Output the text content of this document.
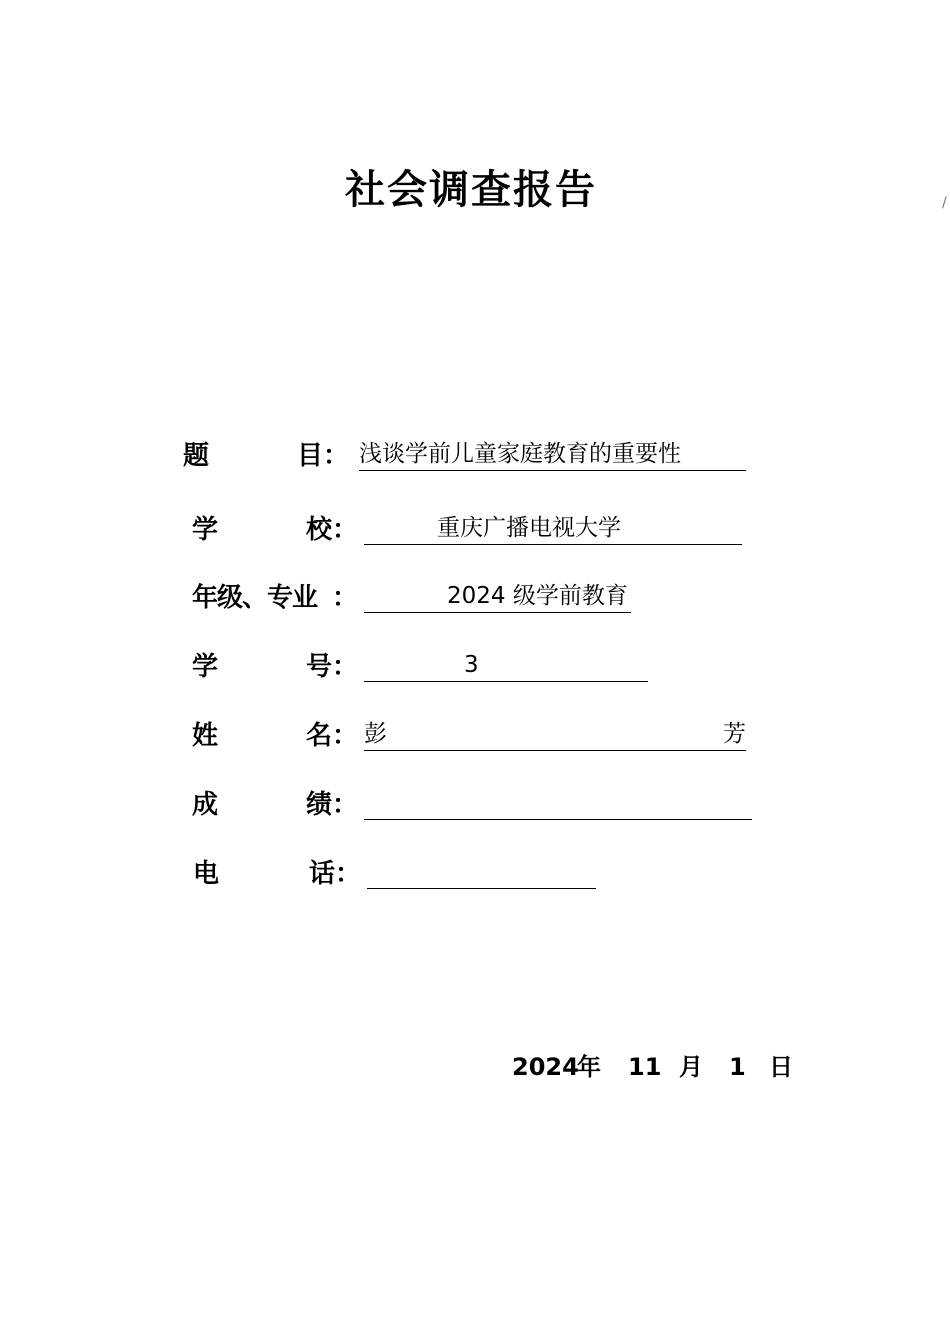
社会调查报告
题	目 ： 浅谈学前儿童家庭教育的重要性
学	校 ：	重庆广播电视大学
年级、专业 ：	2024 级学前教育
学	号 ：	3
姓	名 ： 彭	芳
成	绩 ：
电	话 ：
2024
年 11 月 1 日
/
